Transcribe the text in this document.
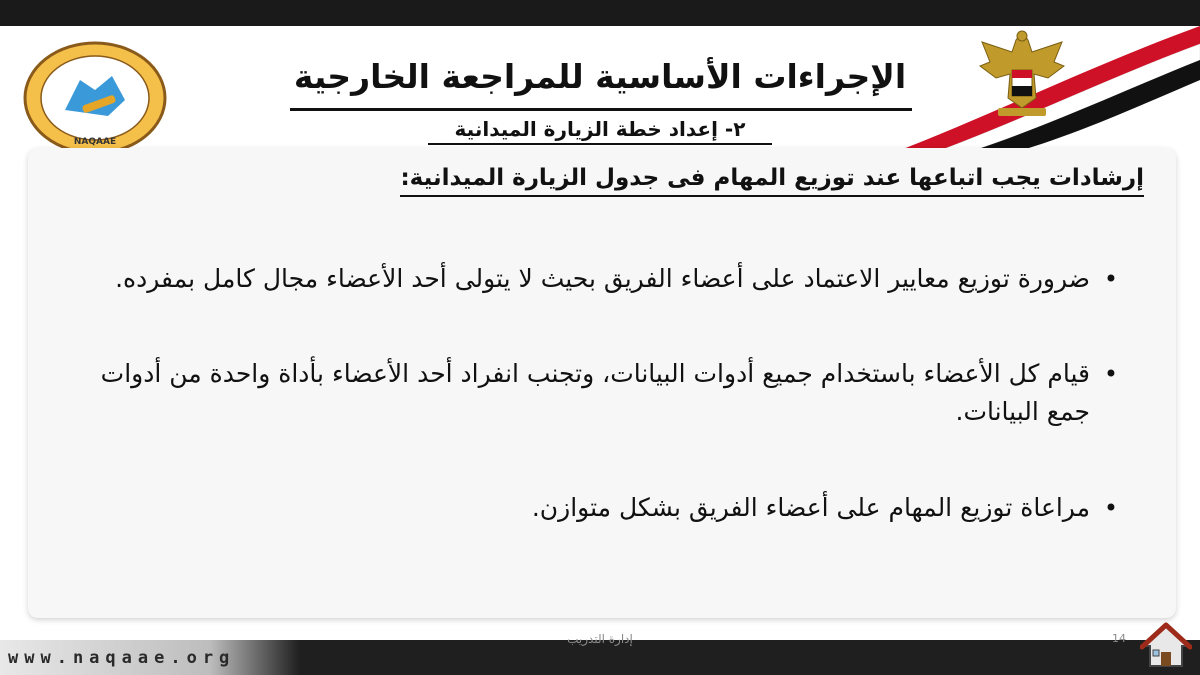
NAQAAE
الإجراءات الأساسية للمراجعة الخارجية
٢- إعداد خطة الزيارة الميدانية
إرشادات يجب اتباعها عند توزيع المهام فى جدول الزيارة الميدانية:
•
ضرورة توزيع معايير الاعتماد على أعضاء الفريق بحيث لا يتولى أحد الأعضاء مجال كامل بمفرده.
•
قيام كل الأعضاء باستخدام جميع أدوات البيانات، وتجنب انفراد أحد الأعضاء بأداة واحدة من أدوات جمع البيانات.
•
مراعاة توزيع المهام على أعضاء الفريق بشكل متوازن.
www.naqaae.org
إدارة التدريب	14
